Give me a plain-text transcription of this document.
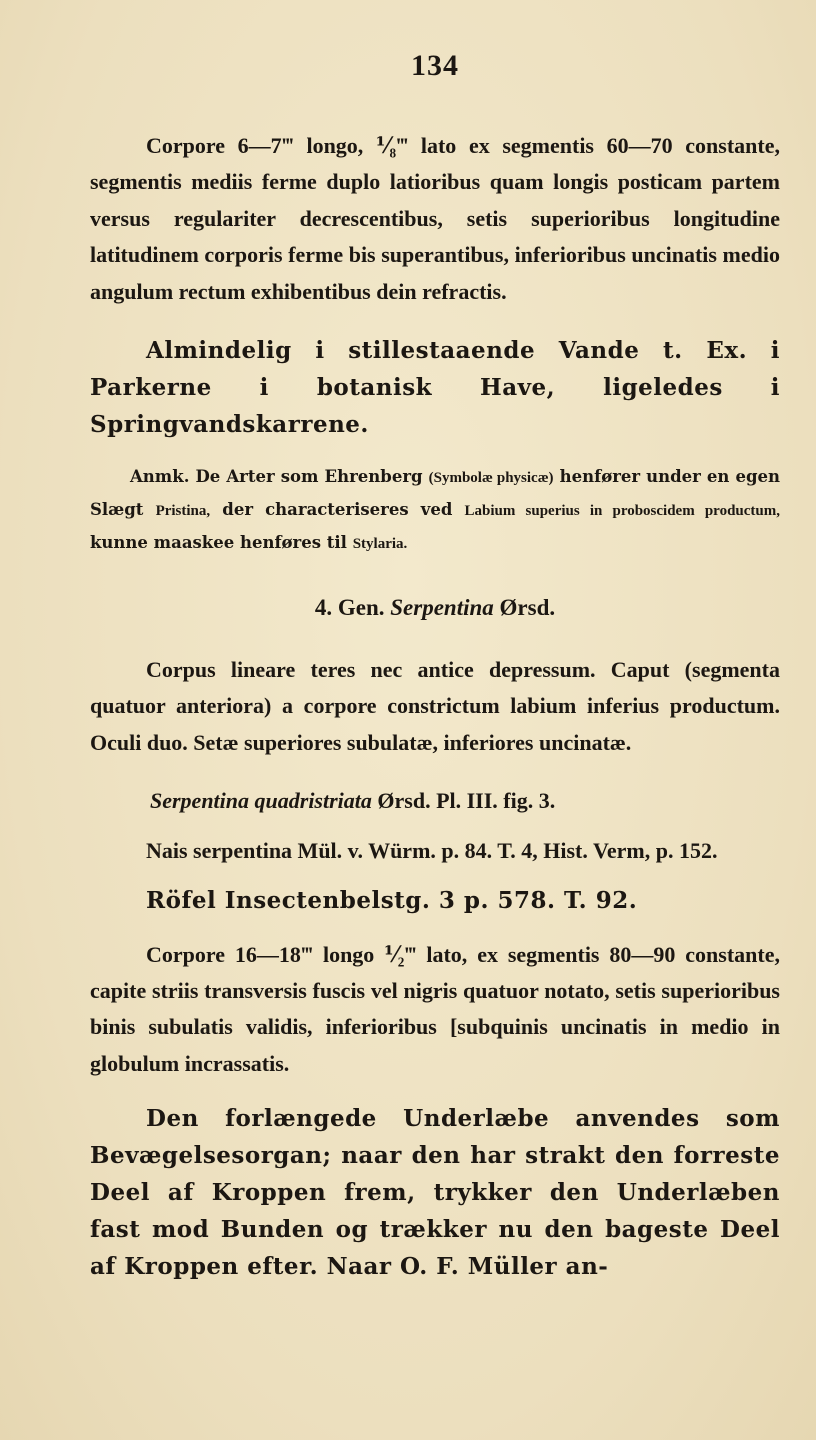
134

Corpore 6—7‴ longo, ⅟₈‴ lato ex segmentis 60—70 constante, segmentis mediis ferme duplo latioribus quam longis posticam partem versus regulariter decrescentibus, setis superioribus longitudine latitudinem corporis ferme bis superantibus, inferioribus uncinatis medio angulum rectum exhibentibus dein refractis.

Almindelig i stillestaaende Vande t. Ex. i Parkerne i botanisk Have, ligeledes i Springvandskarrene.

Anmk. De Arter som Ehrenberg (Symbolæ physicæ) henfører under en egen Slægt Pristina, der characteriseres ved Labium superius in proboscidem productum, kunne maaskee henføres til Stylaria.

4. Gen. Serpentina Ørsd.

Corpus lineare teres nec antice depressum. Caput (segmenta quatuor anteriora) a corpore constrictum labium inferius productum. Oculi duo. Setæ superiores subulatæ, inferiores uncinatæ.

Serpentina quadristriata Ørsd. Pl. III. fig. 3.

Nais serpentina Mül. v. Würm. p. 84. T. 4, Hist. Verm, p. 152.

Röfel Insectenbelstg. 3 p. 578. T. 92.

Corpore 16—18‴ longo ⅟₂‴ lato, ex segmentis 80—90 constante, capite striis transversis fuscis vel nigris quatuor notato, setis superioribus binis subulatis validis, inferioribus [subquinis uncinatis in medio in globulum incrassatis.

Den forlængede Underlæbe anvendes som Bevægelsesorgan; naar den har strakt den forreste Deel af Kroppen frem, trykker den Underlæben fast mod Bunden og trækker nu den bageste Deel af Kroppen efter. Naar O. F. Müller an-
